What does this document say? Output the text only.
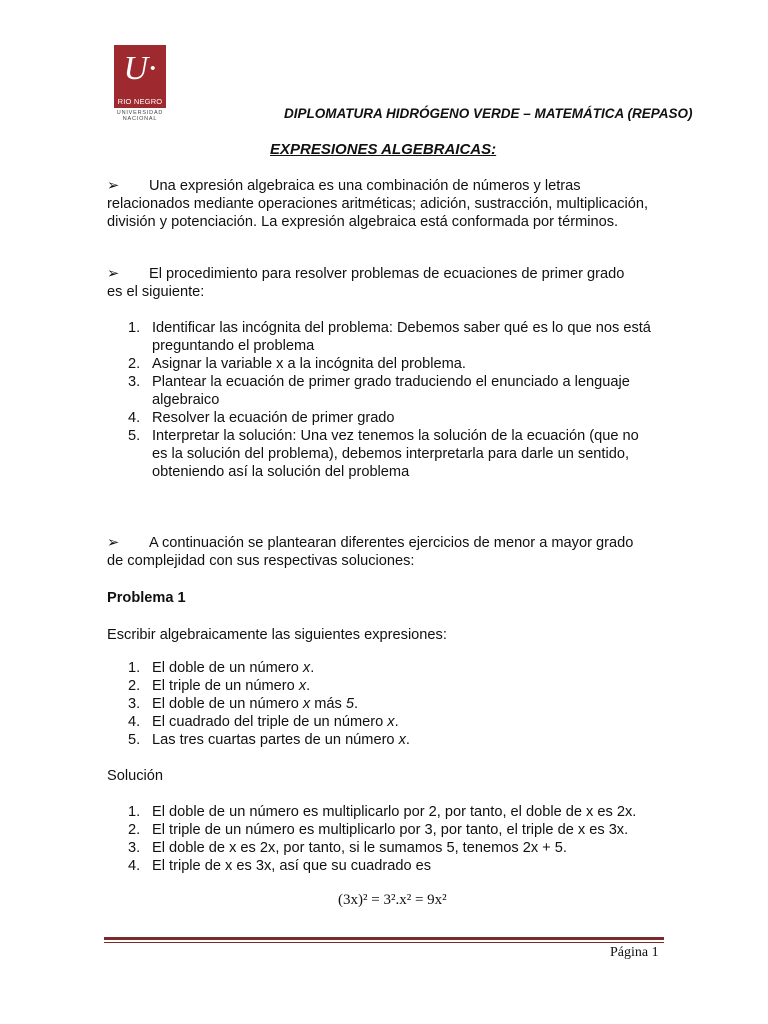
U·
RIO NEGRO
UNIVERSIDAD
NACIONAL	DIPLOMATURA HIDRÓGENO VERDE – MATEMÁTICA (REPASO)
EXPRESIONES ALGEBRAICAS:
➢ Una expresión algebraica es una combinación de números y letras
relacionados mediante operaciones aritméticas; adición, sustracción, multiplicación, división y potenciación. La expresión algebraica está conformada por términos.
➢ El procedimiento para resolver problemas de ecuaciones de primer grado
es el siguiente:
1. Identificar las incógnita del problema: Debemos saber qué es lo que nos está preguntando el problema
2. Asignar la variable x a la incógnita del problema.
3. Plantear la ecuación de primer grado traduciendo el enunciado a lenguaje algebraico
4. Resolver la ecuación de primer grado
5. Interpretar la solución: Una vez tenemos la solución de la ecuación (que no es la solución del problema), debemos interpretarla para darle un sentido, obteniendo así la solución del problema
➢ A continuación se plantearan diferentes ejercicios de menor a mayor grado
de complejidad con sus respectivas soluciones:
Problema 1
Escribir algebraicamente las siguientes expresiones:
1. El doble de un número x.
2. El triple de un número x.
3. El doble de un número x más 5.
4. El cuadrado del triple de un número x.
5. Las tres cuartas partes de un número x.
Solución
1. El doble de un número es multiplicarlo por 2, por tanto, el doble de x es 2x.
2. El triple de un número es multiplicarlo por 3, por tanto, el triple de x es 3x.
3. El doble de x es 2x, por tanto, si le sumamos 5, tenemos 2x + 5.
4. El triple de x es 3x, así que su cuadrado es
(3x)² = 3².x² = 9x²
Página 1
